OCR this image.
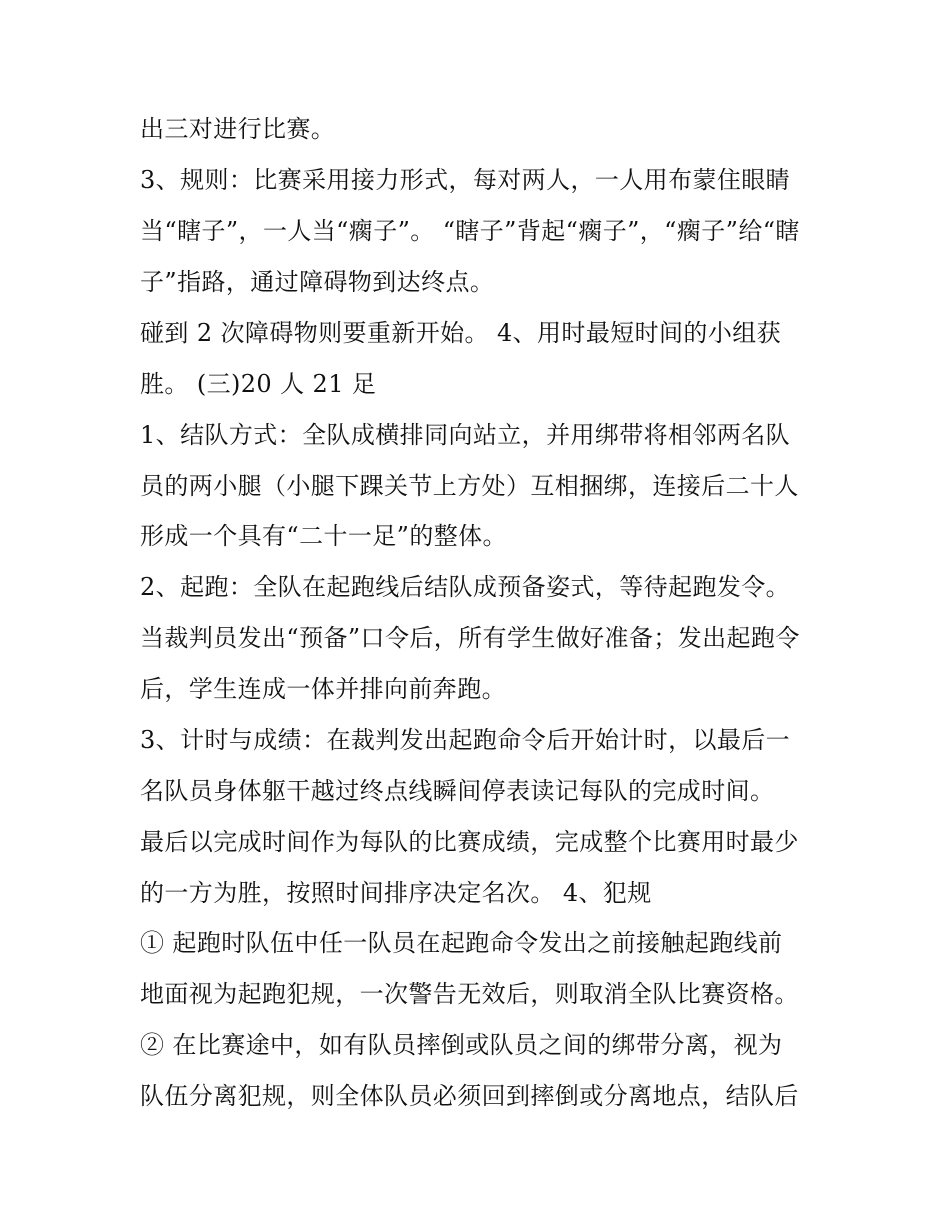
出三对进行比赛。
3、规则：比赛采用接力形式，每对两人，一人用布蒙住眼睛
当“瞎子”，一人当“瘸子”。 “瞎子”背起“瘸子”，“瘸子”给“瞎
子”指路，通过障碍物到达终点。
碰到 2 次障碍物则要重新开始。 4、用时最短时间的小组获
胜。 (三)20 人 21 足
1、结队方式：全队成横排同向站立，并用绑带将相邻两名队
员的两小腿（小腿下踝关节上方处）互相捆绑，连接后二十人
形成一个具有“二十一足”的整体。
2、起跑：全队在起跑线后结队成预备姿式，等待起跑发令。
当裁判员发出“预备”口令后，所有学生做好准备；发出起跑令
后，学生连成一体并排向前奔跑。
3、计时与成绩：在裁判发出起跑命令后开始计时，以最后一
名队员身体躯干越过终点线瞬间停表读记每队的完成时间。
最后以完成时间作为每队的比赛成绩，完成整个比赛用时最少
的一方为胜，按照时间排序决定名次。 4、犯规
① 起跑时队伍中任一队员在起跑命令发出之前接触起跑线前
地面视为起跑犯规，一次警告无效后，则取消全队比赛资格。
② 在比赛途中，如有队员摔倒或队员之间的绑带分离，视为
队伍分离犯规，则全体队员必须回到摔倒或分离地点，结队后
